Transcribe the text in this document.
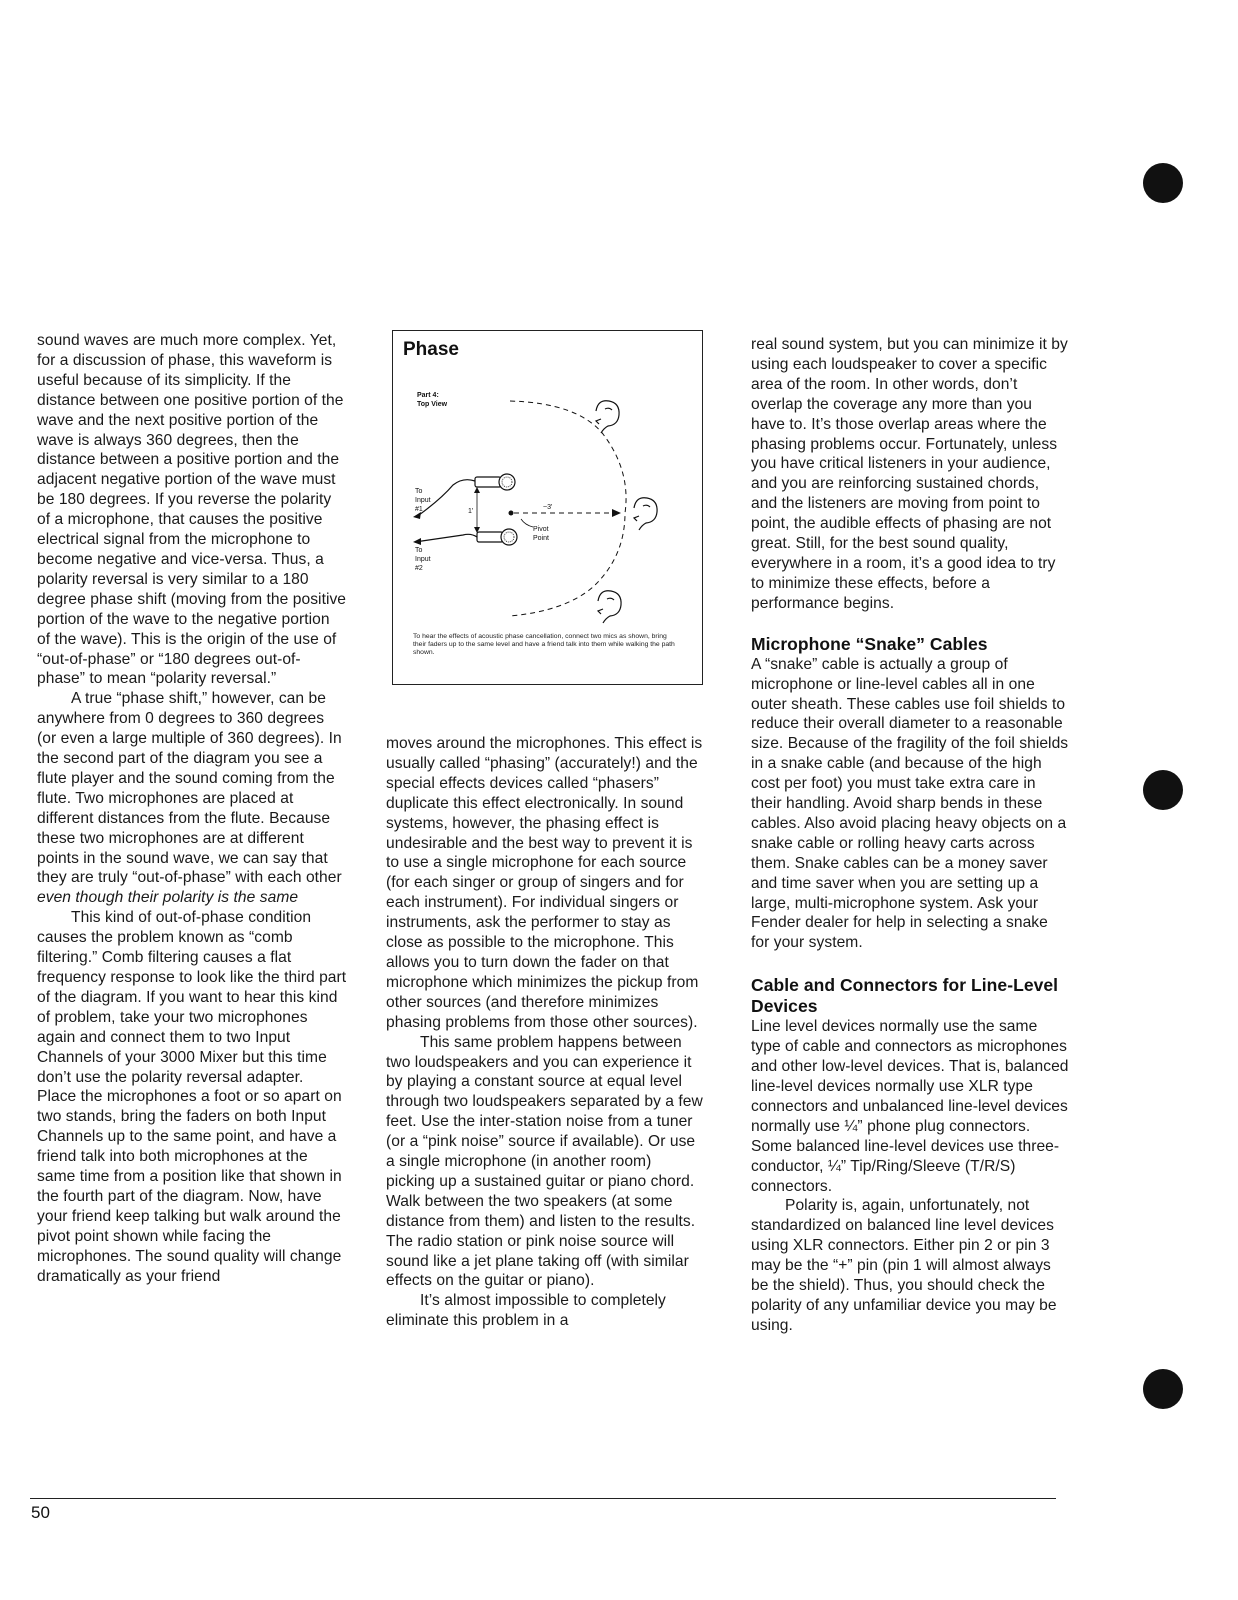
sound waves are much more complex. Yet, for a discussion of phase, this waveform is useful because of its simplicity. If the distance between one positive portion of the wave and the next positive portion of the wave is always 360 degrees, then the distance between a positive portion and the adjacent negative portion of the wave must be 180 degrees. If you reverse the polarity of a microphone, that causes the positive electrical signal from the microphone to become negative and vice-versa. Thus, a polarity reversal is very similar to a 180 degree phase shift (moving from the positive portion of the wave to the negative portion of the wave). This is the origin of the use of “out-of-phase” or “180 degrees out-of-phase” to mean “polarity reversal.”

A true “phase shift,” however, can be anywhere from 0 degrees to 360 degrees (or even a large multiple of 360 degrees). In the second part of the diagram you see a flute player and the sound coming from the flute. Two microphones are placed at different distances from the flute. Because these two microphones are at different points in the sound wave, we can say that they are truly “out-of-phase” with each other even though their polarity is the same

This kind of out-of-phase condition causes the problem known as “comb filtering.” Comb filtering causes a flat frequency response to look like the third part of the diagram. If you want to hear this kind of problem, take your two microphones again and connect them to two Input Channels of your 3000 Mixer but this time don’t use the polarity reversal adapter. Place the microphones a foot or so apart on two stands, bring the faders on both Input Channels up to the same point, and have a friend talk into both microphones at the same time from a position like that shown in the fourth part of the diagram. Now, have your friend keep talking but walk around the pivot point shown while facing the microphones. The sound quality will change dramatically as your friend

Phase
Part 4:
Top View
To
Input
#1
To
Input
#2
1'
~3'
Pivot
Point
To hear the effects of acoustic phase cancellation, connect two mics as shown, bring their faders up to the same level and have a friend talk into them while walking the path shown.

moves around the microphones. This effect is usually called “phasing” (accurately!) and the special effects devices called “phasers” duplicate this effect electronically. In sound systems, however, the phasing effect is undesirable and the best way to prevent it is to use a single microphone for each source (for each singer or group of singers and for each instrument). For individual singers or instruments, ask the performer to stay as close as possible to the microphone. This allows you to turn down the fader on that microphone which minimizes the pickup from other sources (and therefore minimizes phasing problems from those other sources).

This same problem happens between two loudspeakers and you can experience it by playing a constant source at equal level through two loudspeakers separated by a few feet. Use the inter-station noise from a tuner (or a “pink noise” source if available). Or use a single microphone (in another room) picking up a sustained guitar or piano chord. Walk between the two speakers (at some distance from them) and listen to the results. The radio station or pink noise source will sound like a jet plane taking off (with similar effects on the guitar or piano).

It’s almost impossible to completely eliminate this problem in a

real sound system, but you can minimize it by using each loudspeaker to cover a specific area of the room. In other words, don’t overlap the coverage any more than you have to. It’s those overlap areas where the phasing problems occur. Fortunately, unless you have critical listeners in your audience, and you are reinforcing sustained chords, and the listeners are moving from point to point, the audible effects of phasing are not great. Still, for the best sound quality, everywhere in a room, it’s a good idea to try to minimize these effects, before a performance begins.

Microphone “Snake” Cables

A “snake” cable is actually a group of microphone or line-level cables all in one outer sheath. These cables use foil shields to reduce their overall diameter to a reasonable size. Because of the fragility of the foil shields in a snake cable (and because of the high cost per foot) you must take extra care in their handling. Avoid sharp bends in these cables. Also avoid placing heavy objects on a snake cable or rolling heavy carts across them. Snake cables can be a money saver and time saver when you are setting up a large, multi-microphone system. Ask your Fender dealer for help in selecting a snake for your system.

Cable and Connectors for Line-Level Devices

Line level devices normally use the same type of cable and connectors as microphones and other low-level devices. That is, balanced line-level devices normally use XLR type connectors and unbalanced line-level devices normally use ¼” phone plug connectors. Some balanced line-level devices use three-conductor, ¼” Tip/Ring/Sleeve (T/R/S) connectors.

Polarity is, again, unfortunately, not standardized on balanced line level devices using XLR connectors. Either pin 2 or pin 3 may be the “+” pin (pin 1 will almost always be the shield). Thus, you should check the polarity of any unfamiliar device you may be using.

50
